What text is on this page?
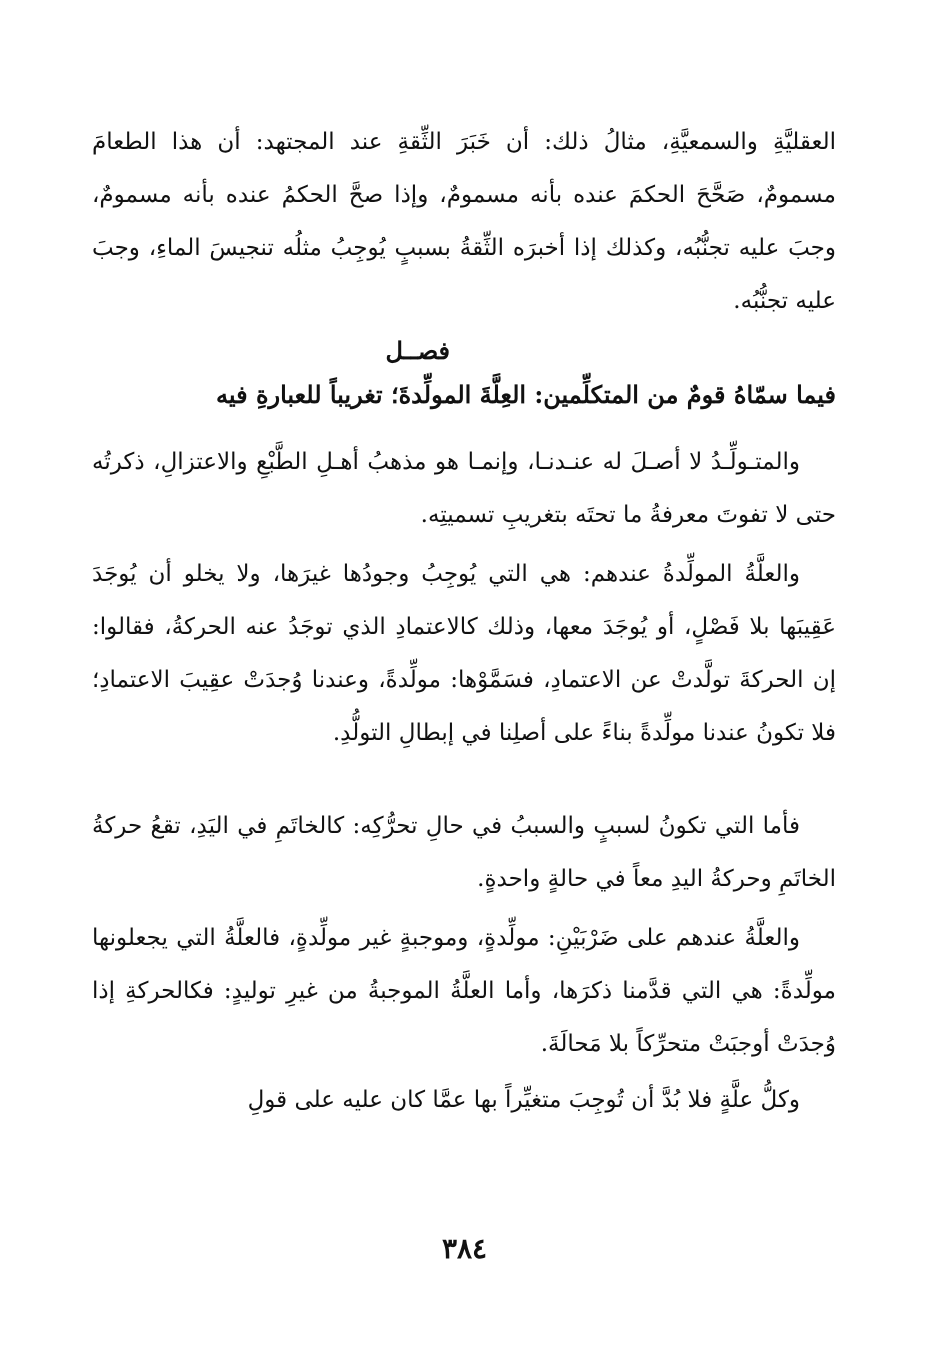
العقليَّةِ والسمعيَّةِ، مثالُ ذلك: أن خَبَرَ الثِّقةِ عند المجتهد: أن هذا الطعامَ مسمومٌ، صَحَّحَ الحكمَ عنده بأنه مسمومٌ، وإذا صحَّ الحكمُ عنده بأنه مسمومٌ، وجبَ عليه تجنُّبُه، وكذلك إذا أخبرَه الثِّقةُ بسببٍ يُوجِبُ مثلُه تنجيسَ الماءِ، وجبَ عليه تجنُّبُه.

فصــل
فيما سمّاهُ قومٌ من المتكلِّمين: العِلَّةَ المولِّدةَ؛ تغريباً للعبارةِ فيه

والمتـولِّـدُ لا أصـلَ له عنـدنـا، وإنمـا هو مذهبُ أهـلِ الطَّبْعِ والاعتزالِ، ذكرتُه حتى لا تفوتَ معرفةُ ما تحتَه بتغريبِ تسميتِه.

والعلَّةُ المولِّدةُ عندهم: هي التي يُوجِبُ وجودُها غيرَها، ولا يخلو أن يُوجَدَ عَقِيبَها بلا فَصْلٍ، أو يُوجَدَ معها، وذلك كالاعتمادِ الذي توجَدُ عنه الحركةُ، فقالوا: إن الحركةَ تولَّدتْ عن الاعتمادِ، فسَمَّوْها: مولِّدةً، وعندنا وُجدَتْ عقِيبَ الاعتمادِ؛ فلا تكونُ عندنا مولِّدةً بناءً على أصلِنا في إبطالِ التولُّدِ.

فأما التي تكونُ لسببٍ والسببُ في حالِ تحرُّكِه: كالخاتَمِ في اليَدِ، تقعُ حركةُ الخاتَمِ وحركةُ اليدِ معاً في حالةٍ واحدةٍ.

والعلَّةُ عندهم على ضَرْبَيْنِ: مولِّدةٍ، وموجبةٍ غير مولِّدةٍ، فالعلَّةُ التي يجعلونها مولِّدةً: هي التي قدَّمنا ذكرَها، وأما العلَّةُ الموجبةُ من غيرِ توليدٍ: فكالحركةِ إذا وُجدَتْ أوجبَتْ متحرِّكاً بلا مَحالَةَ.

وكلُّ علَّةٍ فلا بُدَّ أن تُوجِبَ متغيِّراً بها عمَّا كان عليه على قولِ

٣٨٤
